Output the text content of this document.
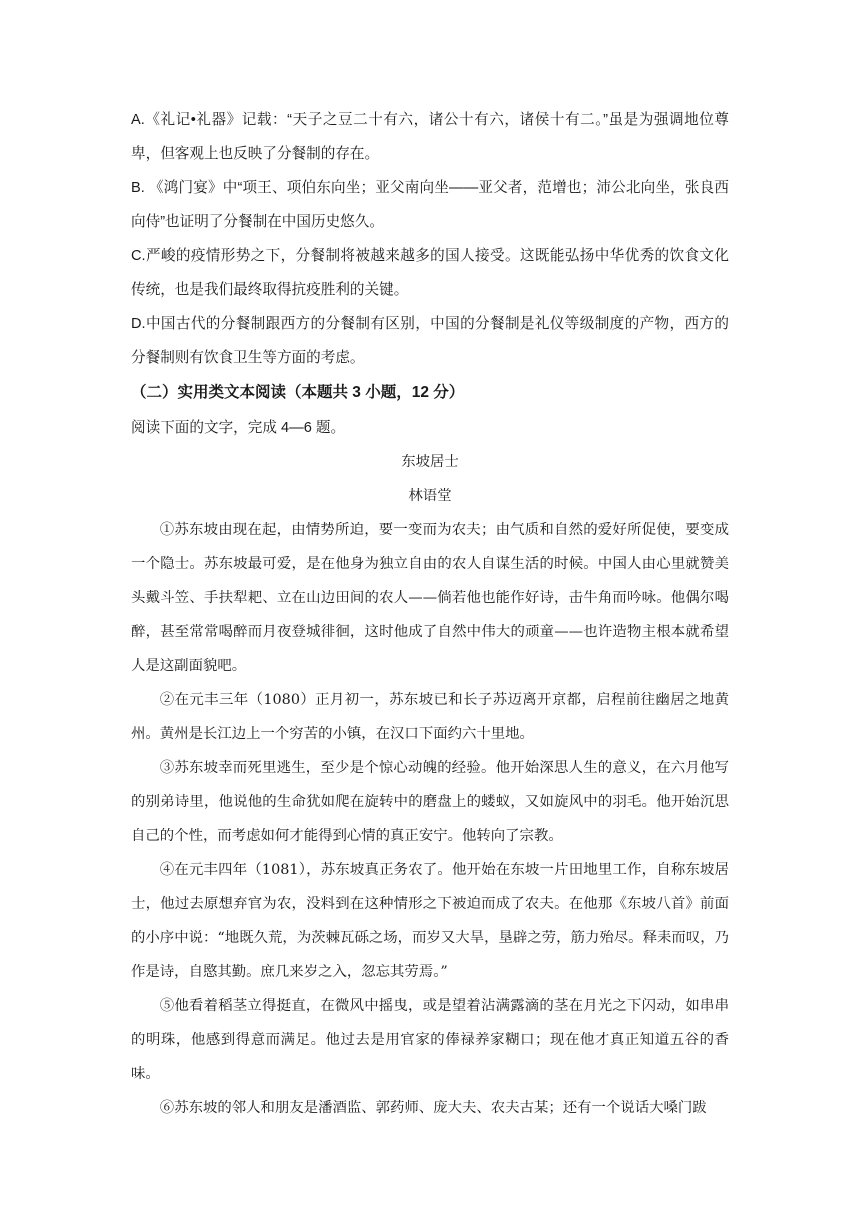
A.《礼记•礼器》记载：“天子之豆二十有六，诸公十有六，诸侯十有二。”虽是为强调地位尊卑，但客观上也反映了分餐制的存在。

B. 《鸿门宴》中“项王、项伯东向坐；亚父南向坐——亚父者，范增也；沛公北向坐，张良西向侍”也证明了分餐制在中国历史悠久。

C.严峻的疫情形势之下，分餐制将被越来越多的国人接受。这既能弘扬中华优秀的饮食文化传统，也是我们最终取得抗疫胜利的关键。

D.中国古代的分餐制跟西方的分餐制有区别，中国的分餐制是礼仪等级制度的产物，西方的分餐制则有饮食卫生等方面的考虑。

（二）实用类文本阅读（本题共 3 小题，12 分）

阅读下面的文字，完成 4—6 题。

东坡居士

林语堂

①苏东坡由现在起，由情势所迫，要一变而为农夫；由气质和自然的爱好所促使，要变成一个隐士。苏东坡最可爱，是在他身为独立自由的农人自谋生活的时候。中国人由心里就赞美头戴斗笠、手扶犁耙、立在山边田间的农人——倘若他也能作好诗，击牛角而吟咏。他偶尔喝醉，甚至常常喝醉而月夜登城徘徊，这时他成了自然中伟大的顽童——也许造物主根本就希望人是这副面貌吧。

②在元丰三年（1080）正月初一，苏东坡已和长子苏迈离开京都，启程前往幽居之地黄州。黄州是长江边上一个穷苦的小镇，在汉口下面约六十里地。

③苏东坡幸而死里逃生，至少是个惊心动魄的经验。他开始深思人生的意义，在六月他写的别弟诗里，他说他的生命犹如爬在旋转中的磨盘上的蝼蚁，又如旋风中的羽毛。他开始沉思自己的个性，而考虑如何才能得到心情的真正安宁。他转向了宗教。

④在元丰四年（1081），苏东坡真正务农了。他开始在东坡一片田地里工作，自称东坡居士，他过去原想弃官为农，没料到在这种情形之下被迫而成了农夫。在他那《东坡八首》前面的小序中说：“地既久荒，为茨棘瓦砾之场，而岁又大旱，垦辟之劳，筋力殆尽。释耒而叹，乃作是诗，自愍其勤。庶几来岁之入，忽忘其劳焉。”

⑤他看着稻茎立得挺直，在微风中摇曳，或是望着沾满露滴的茎在月光之下闪动，如串串的明珠，他感到得意而满足。他过去是用官家的俸禄养家糊口；现在他才真正知道五谷的香味。

⑥苏东坡的邻人和朋友是潘酒监、郭药师、庞大夫、农夫古某；还有一个说话大嗓门跋
